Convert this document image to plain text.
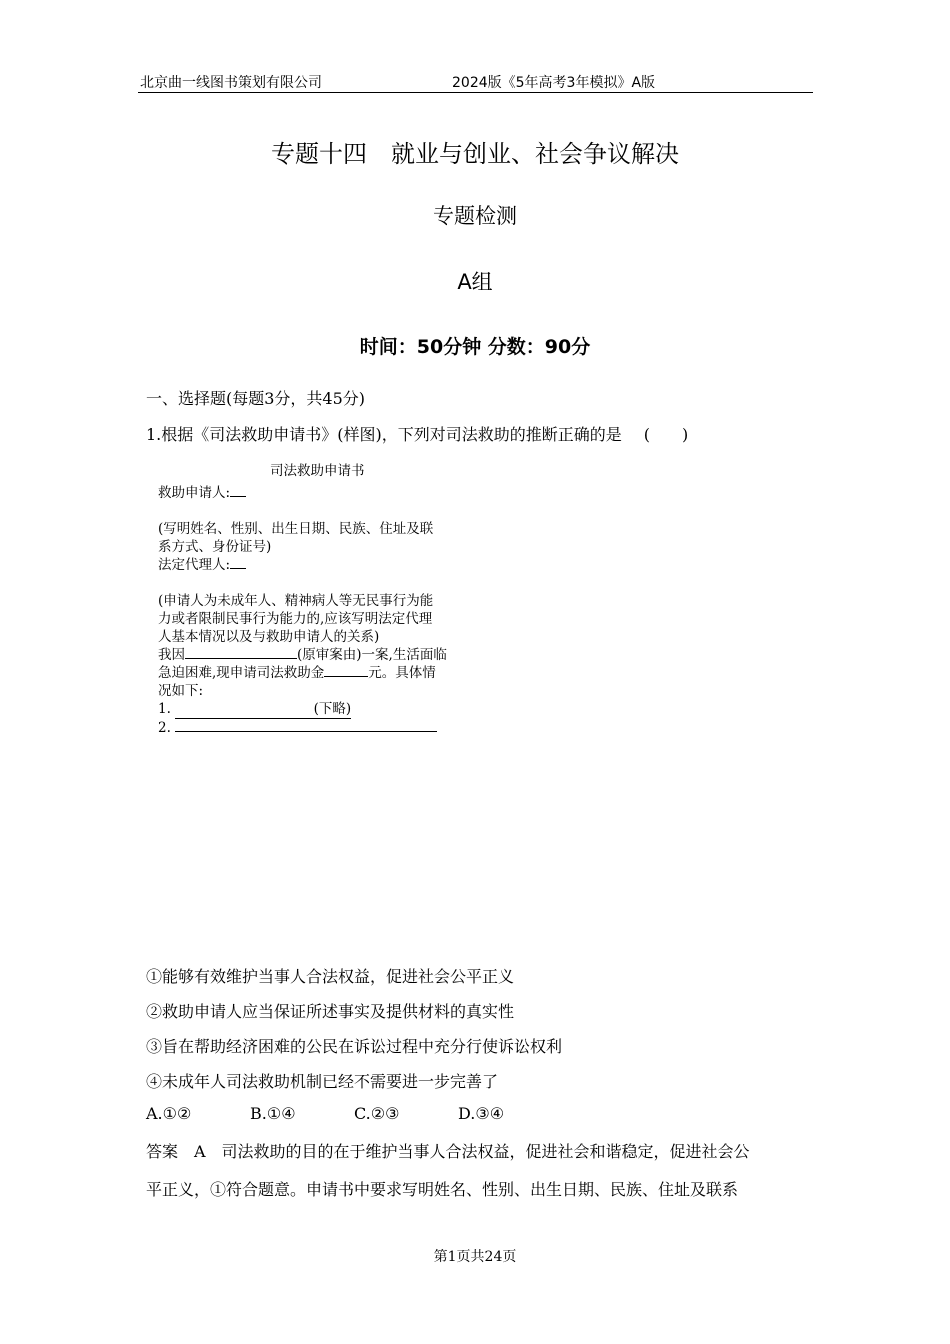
北京曲一线图书策划有限公司	2024版《5年高考3年模拟》A版
专题十四　就业与创业、社会争议解决
专题检测
A组
时间：50分钟 分数：90分
一、选择题(每题3分，共45分)
1.根据《司法救助申请书》(样图)，下列对司法救助的推断正确的是 (　　)
司法救助申请书
救助申请人:
(写明姓名、性别、出生日期、民族、住址及联
系方式、身份证号)
法定代理人:
(申请人为未成年人、精神病人等无民事行为能
力或者限制民事行为能力的,应该写明法定代理
人基本情况以及与救助申请人的关系)
我因	(原审案由)一案,生活面临
急迫困难,现申请司法救助金	元。具体情
况如下:
1.	(下略)
2.
①能够有效维护当事人合法权益，促进社会公平正义
②救助申请人应当保证所述事实及提供材料的真实性
③旨在帮助经济困难的公民在诉讼过程中充分行使诉讼权利
④未成年人司法救助机制已经不需要进一步完善了
A.①②	B.①④	C.②③	D.③④
答案　A　司法救助的目的在于维护当事人合法权益，促进社会和谐稳定，促进社会公
平正义，①符合题意。申请书中要求写明姓名、性别、出生日期、民族、住址及联系
第1页共24页
